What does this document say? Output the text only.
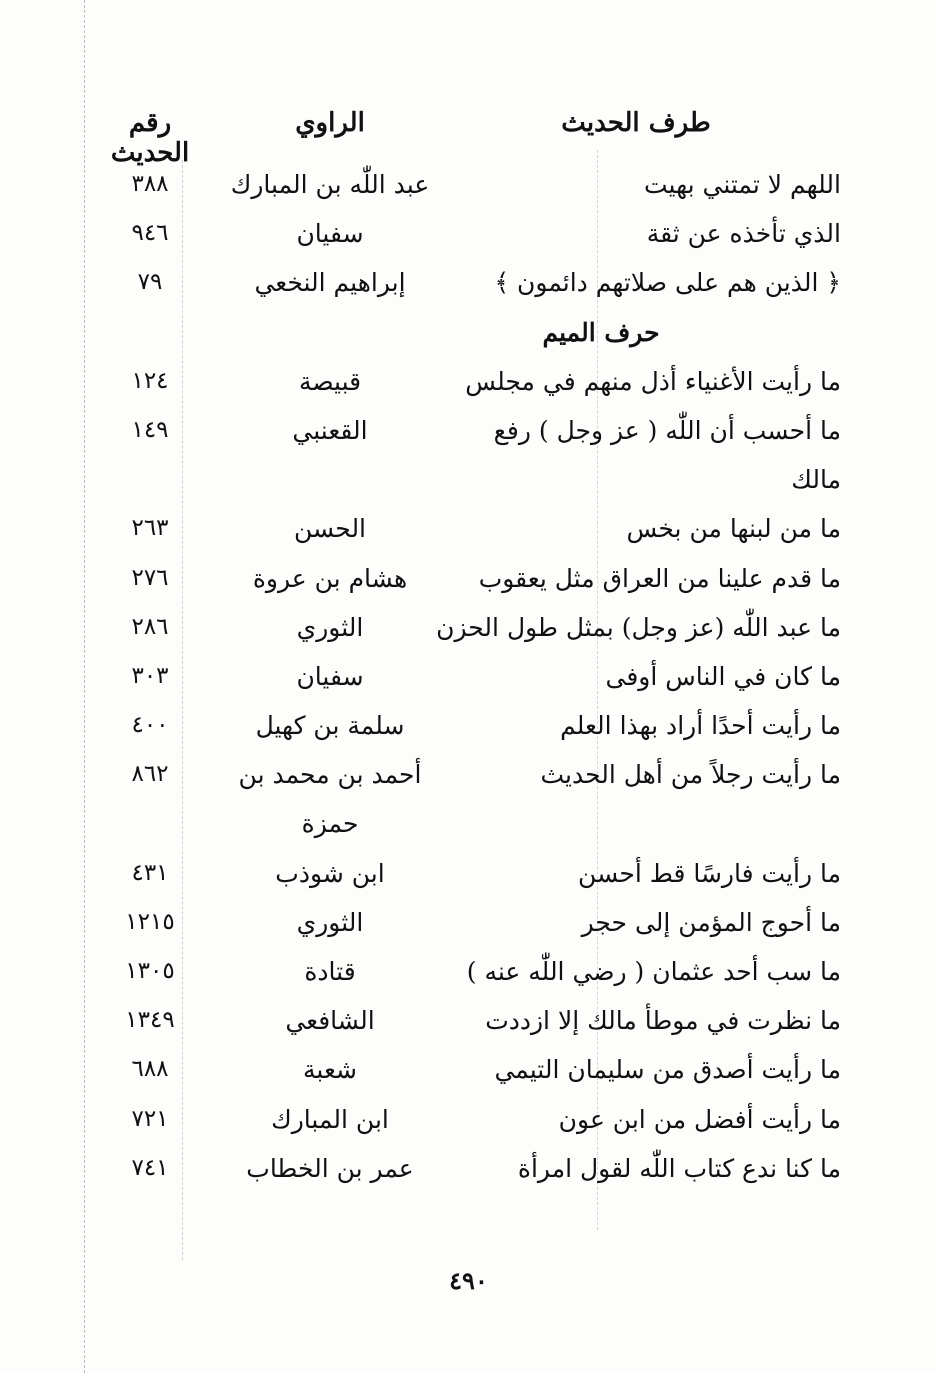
طرف الحديث
الراوي
رقم الحديث
اللهم لا تمتني بهيت
عبد اللّٰه بن المبارك
٣٨٨
الذي تأخذه عن ثقة
سفيان
٩٤٦
﴿ الذين هم على صلاتهم دائمون ﴾
إبراهيم النخعي
٧٩
حرف الميم
ما رأيت الأغنياء أذل منهم في مجلس
قبيصة
١٢٤
ما أحسب أن اللّٰه ( عز وجل ) رفع
القعنبي
١٤٩
مالك
ما من لبنها من بخس
الحسن
٢٦٣
ما قدم علينا من العراق مثل يعقوب
هشام بن عروة
٢٧٦
ما عبد اللّٰه (عز وجل) بمثل طول الحزن
الثوري
٢٨٦
ما كان في الناس أوفى
سفيان
٣٠٣
ما رأيت أحدًا أراد بهذا العلم
سلمة بن كهيل
٤٠٠
ما رأيت رجلاً من أهل الحديث
أحمد بن محمد بن
٨٦٢
حمزة
ما رأيت فارسًا قط أحسن
ابن شوذب
٤٣١
ما أحوج المؤمن إلى حجر
الثوري
١٢١٥
ما سب أحد عثمان ( رضي اللّٰه عنه )
قتادة
١٣٠٥
ما نظرت في موطأ مالك إلا ازددت
الشافعي
١٣٤٩
ما رأيت أصدق من سليمان التيمي
شعبة
٦٨٨
ما رأيت أفضل من ابن عون
ابن المبارك
٧٢١
ما كنا ندع كتاب اللّٰه لقول امرأة
عمر بن الخطاب
٧٤١
٤٩٠
